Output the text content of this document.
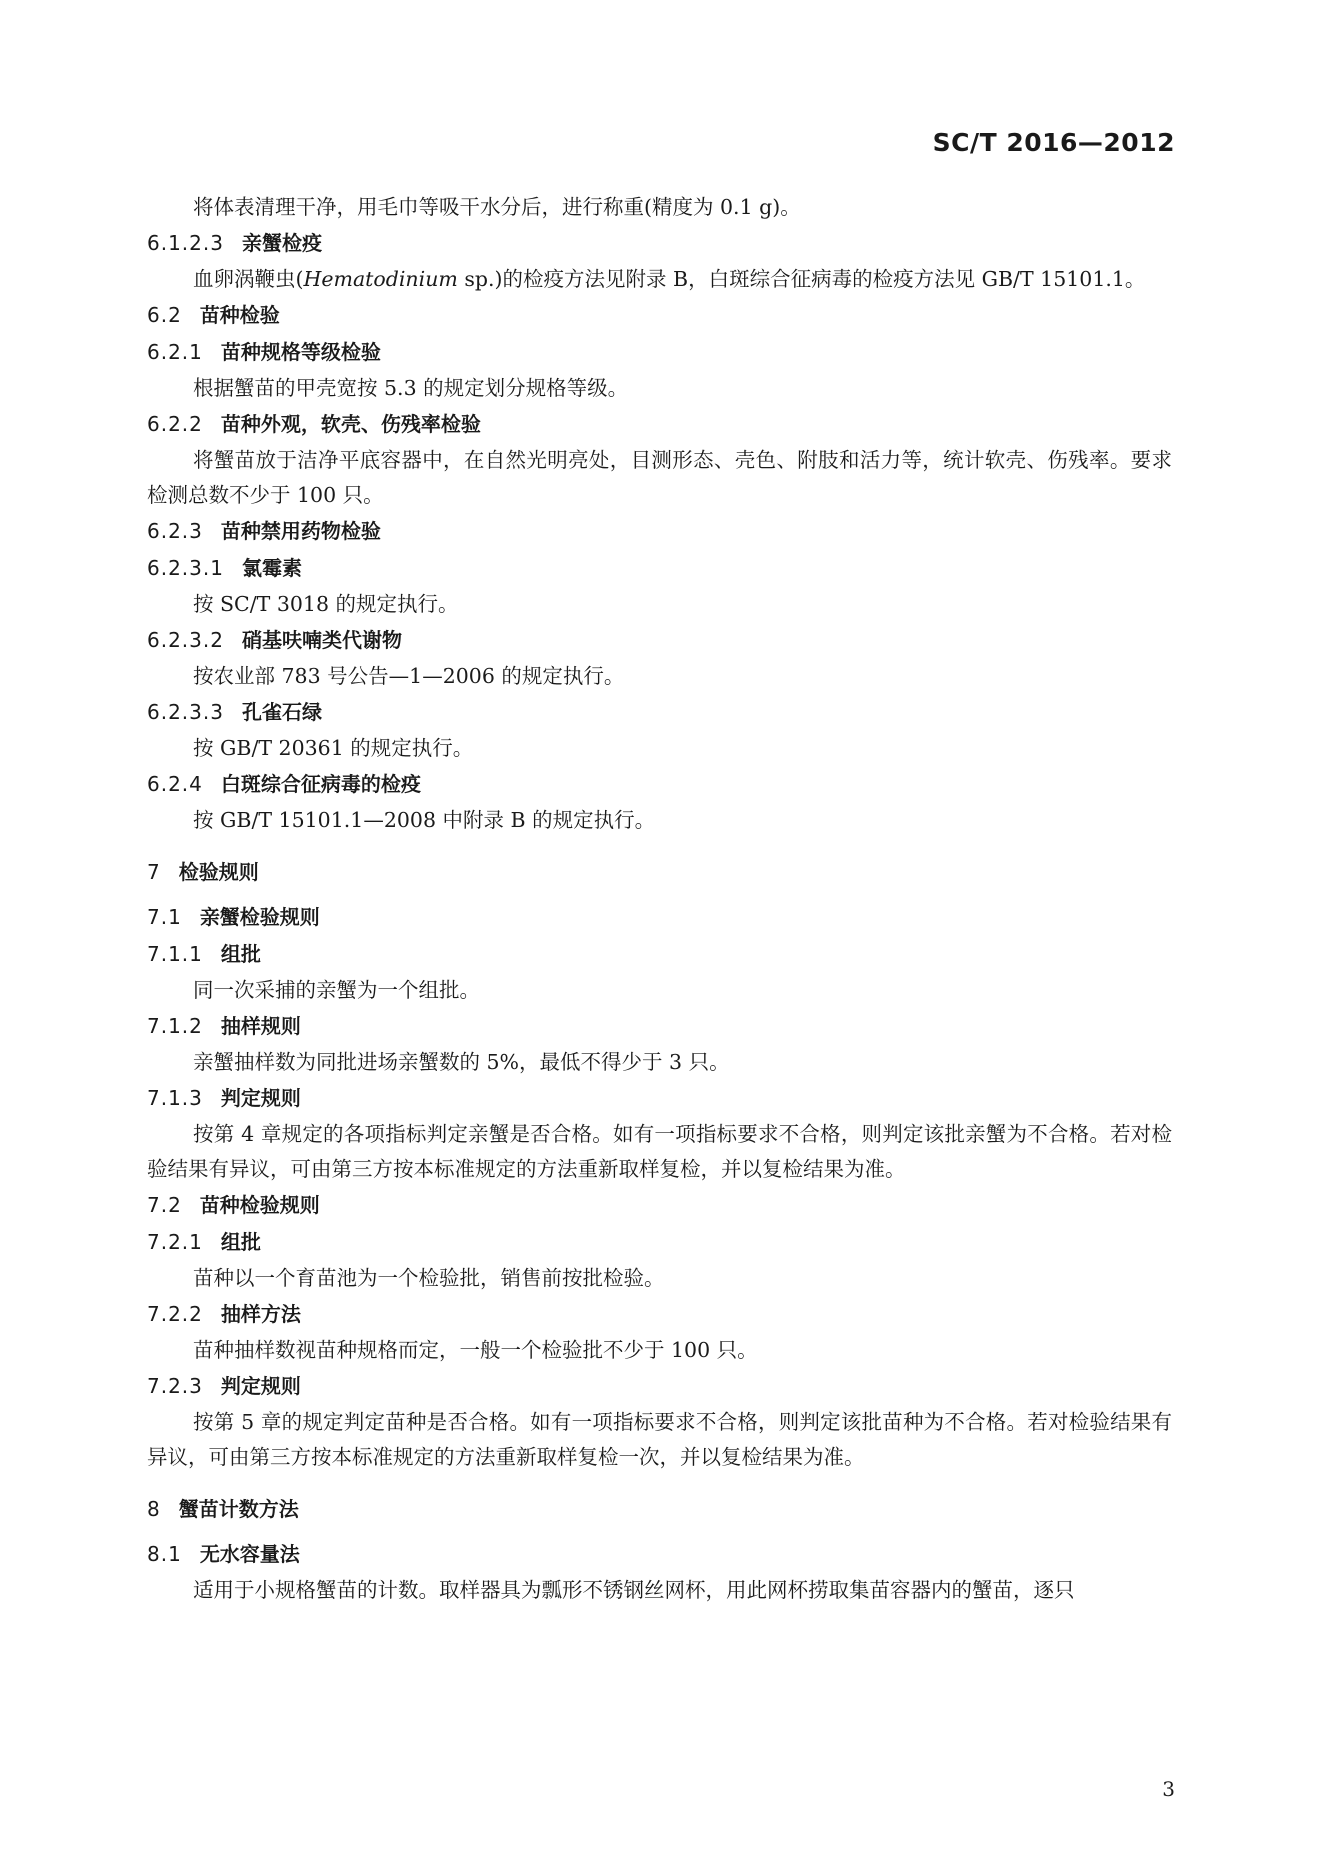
SC/T 2016—2012

将体表清理干净，用毛巾等吸干水分后，进行称重(精度为 0.1 g)。

6.1.2.3 亲蟹检疫

血卵涡鞭虫(Hematodinium sp.)的检疫方法见附录 B，白斑综合征病毒的检疫方法见 GB/T 15101.1。

6.2 苗种检验
6.2.1 苗种规格等级检验

根据蟹苗的甲壳宽按 5.3 的规定划分规格等级。

6.2.2 苗种外观，软壳、伤残率检验

将蟹苗放于洁净平底容器中，在自然光明亮处，目测形态、壳色、附肢和活力等，统计软壳、伤残率。要求检测总数不少于 100 只。

6.2.3 苗种禁用药物检验
6.2.3.1 氯霉素

按 SC/T 3018 的规定执行。

6.2.3.2 硝基呋喃类代谢物

按农业部 783 号公告—1—2006 的规定执行。

6.2.3.3 孔雀石绿

按 GB/T 20361 的规定执行。

6.2.4 白斑综合征病毒的检疫

按 GB/T 15101.1—2008 中附录 B 的规定执行。

7 检验规则
7.1 亲蟹检验规则
7.1.1 组批

同一次采捕的亲蟹为一个组批。

7.1.2 抽样规则

亲蟹抽样数为同批进场亲蟹数的 5%，最低不得少于 3 只。

7.1.3 判定规则

按第 4 章规定的各项指标判定亲蟹是否合格。如有一项指标要求不合格，则判定该批亲蟹为不合格。若对检验结果有异议，可由第三方按本标准规定的方法重新取样复检，并以复检结果为准。

7.2 苗种检验规则
7.2.1 组批

苗种以一个育苗池为一个检验批，销售前按批检验。

7.2.2 抽样方法

苗种抽样数视苗种规格而定，一般一个检验批不少于 100 只。

7.2.3 判定规则

按第 5 章的规定判定苗种是否合格。如有一项指标要求不合格，则判定该批苗种为不合格。若对检验结果有异议，可由第三方按本标准规定的方法重新取样复检一次，并以复检结果为准。

8 蟹苗计数方法
8.1 无水容量法

适用于小规格蟹苗的计数。取样器具为瓢形不锈钢丝网杯，用此网杯捞取集苗容器内的蟹苗，逐只

3
